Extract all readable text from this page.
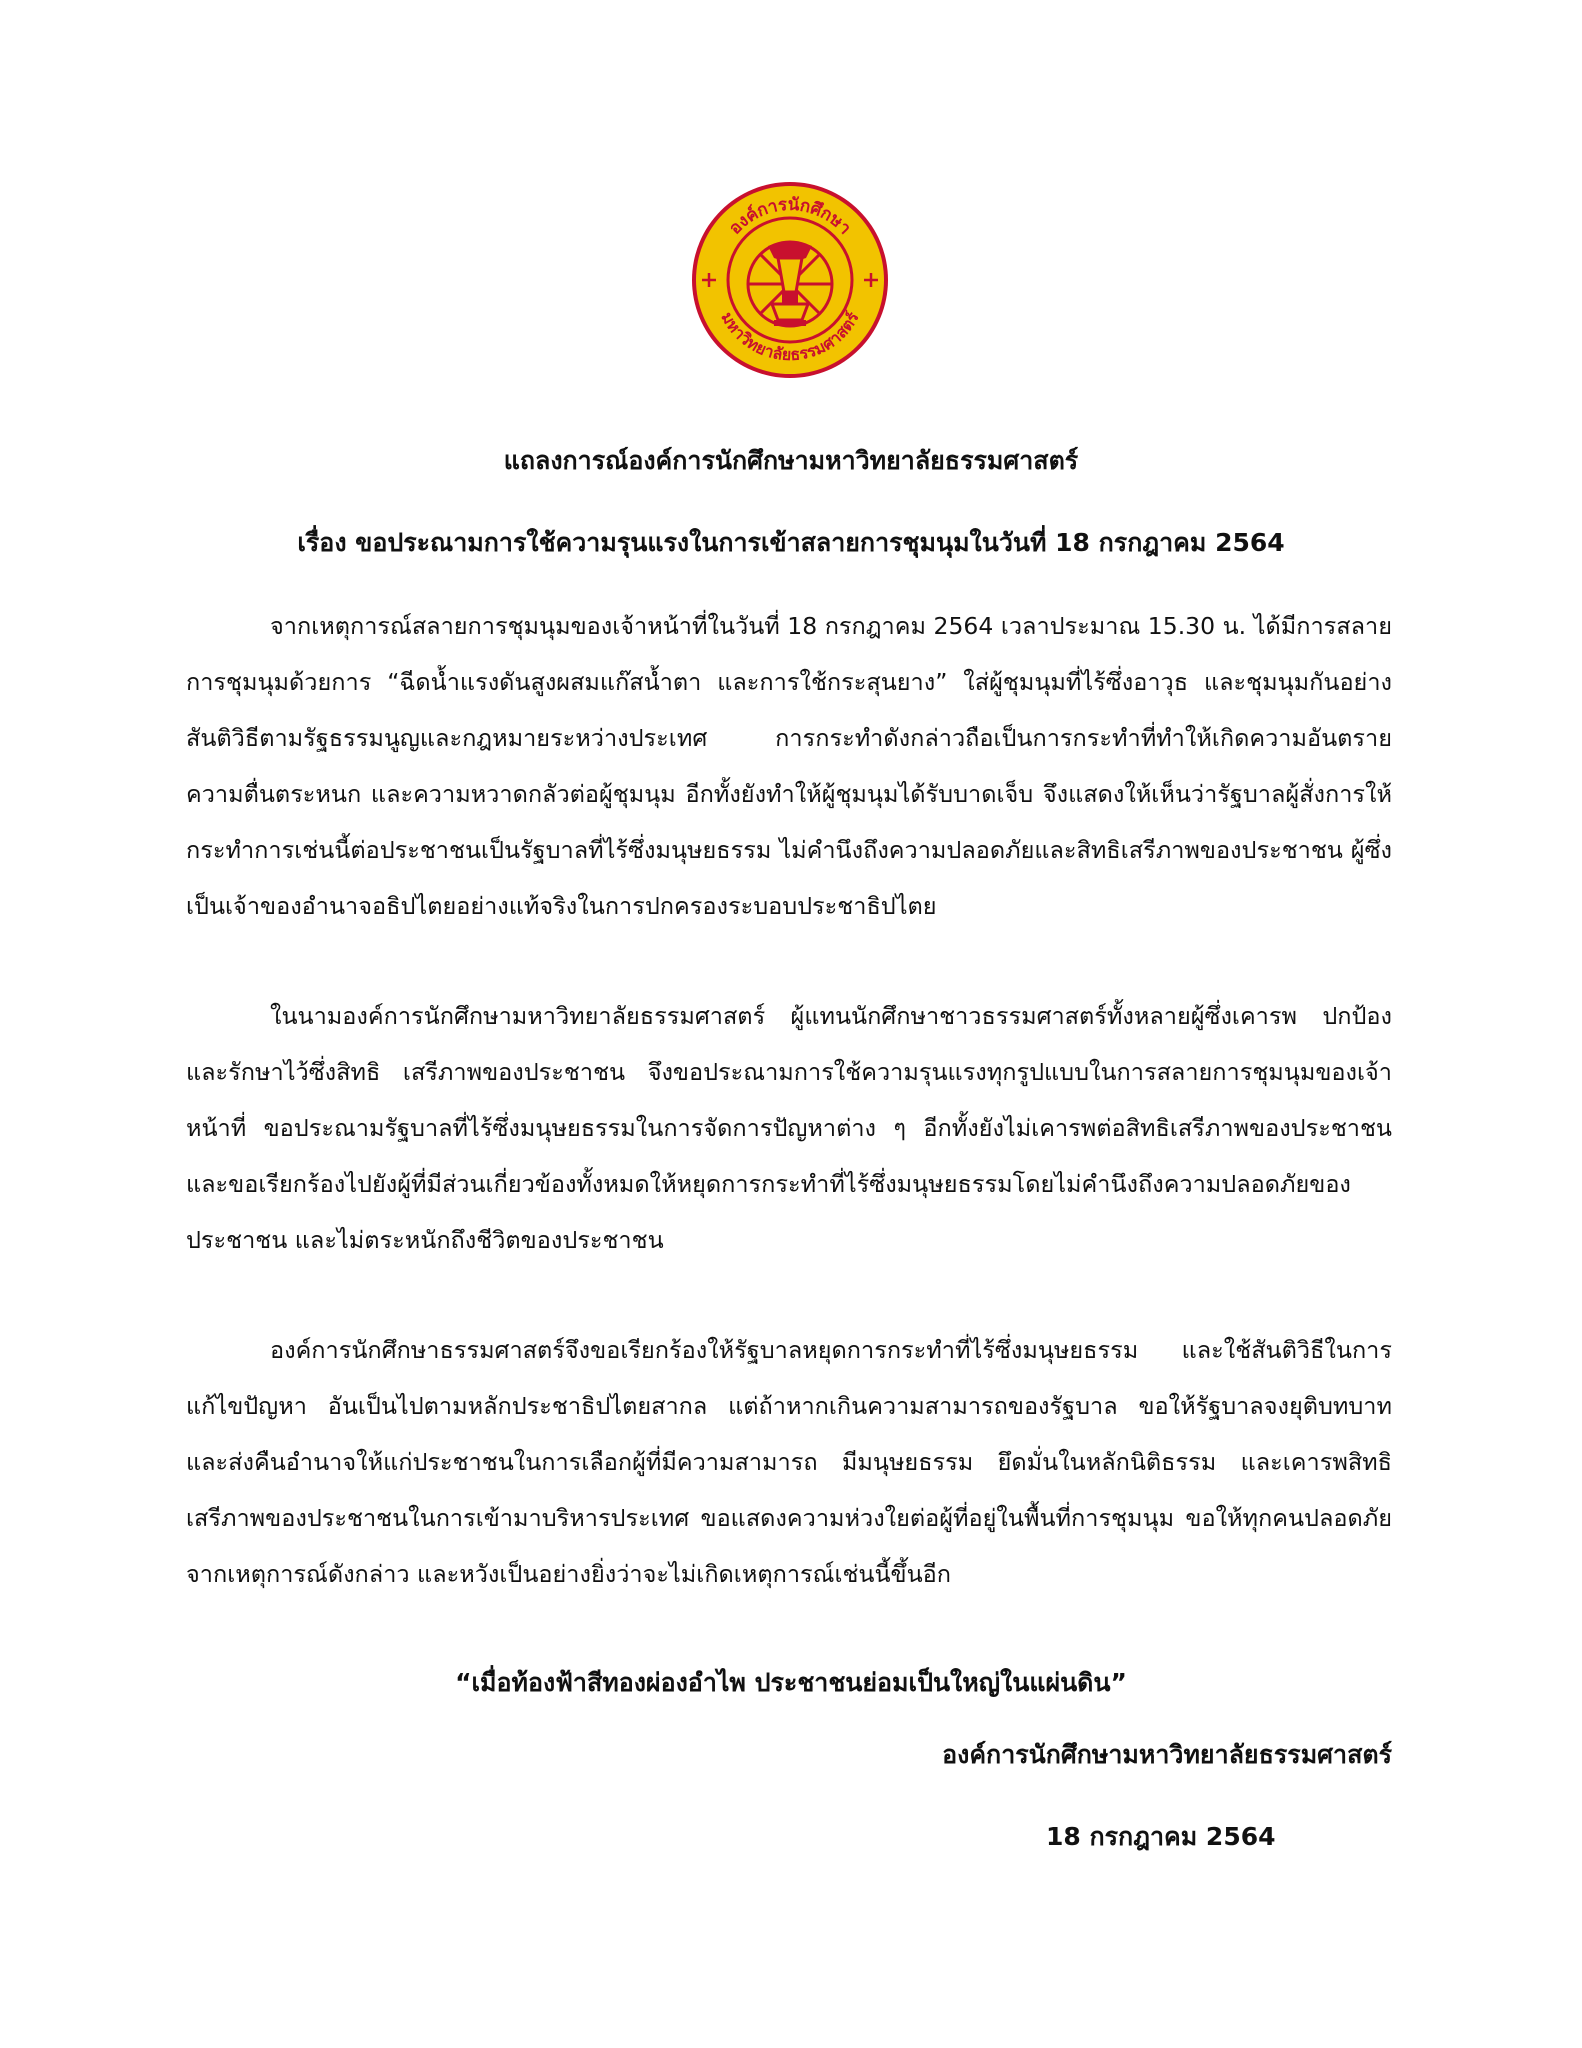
องค์การนักศึกษา
มหาวิทยาลัยธรรมศาสตร์
แถลงการณ์องค์การนักศึกษามหาวิทยาลัยธรรมศาสตร์
เรื่อง ขอประณามการใช้ความรุนแรงในการเข้าสลายการชุมนุมในวันที่ 18 กรกฎาคม 2564

จากเหตุการณ์สลายการชุมนุมของเจ้าหน้าที่ในวันที่ 18 กรกฎาคม 2564 เวลาประมาณ 15.30 น. ได้มีการสลายการชุมนุมด้วยการ “ฉีดน้ำแรงดันสูงผสมแก๊สน้ำตา และการใช้กระสุนยาง” ใส่ผู้ชุมนุมที่ไร้ซึ่งอาวุธ และชุมนุมกันอย่างสันติวิธีตามรัฐธรรมนูญและกฎหมายระหว่างประเทศ การกระทำดังกล่าวถือเป็นการกระทำที่ทำให้เกิดความอันตราย ความตื่นตระหนก และความหวาดกลัวต่อผู้ชุมนุม อีกทั้งยังทำให้ผู้ชุมนุมได้รับบาดเจ็บ จึงแสดงให้เห็นว่ารัฐบาลผู้สั่งการให้กระทำการเช่นนี้ต่อประชาชนเป็นรัฐบาลที่ไร้ซึ่งมนุษยธรรม ไม่คำนึงถึงความปลอดภัยและสิทธิเสรีภาพของประชาชน ผู้ซึ่งเป็นเจ้าของอำนาจอธิปไตยอย่างแท้จริงในการปกครองระบอบประชาธิปไตย

ในนามองค์การนักศึกษามหาวิทยาลัยธรรมศาสตร์ ผู้แทนนักศึกษาชาวธรรมศาสตร์ทั้งหลายผู้ซึ่งเคารพ ปกป้อง และรักษาไว้ซึ่งสิทธิ เสรีภาพของประชาชน จึงขอประณามการใช้ความรุนแรงทุกรูปแบบในการสลายการชุมนุมของเจ้าหน้าที่ ขอประณามรัฐบาลที่ไร้ซึ่งมนุษยธรรมในการจัดการปัญหาต่าง ๆ อีกทั้งยังไม่เคารพต่อสิทธิเสรีภาพของประชาชน และขอเรียกร้องไปยังผู้ที่มีส่วนเกี่ยวข้องทั้งหมดให้หยุดการกระทำที่ไร้ซึ่งมนุษยธรรมโดยไม่คำนึงถึงความปลอดภัยของประชาชน และไม่ตระหนักถึงชีวิตของประชาชน

องค์การนักศึกษาธรรมศาสตร์จึงขอเรียกร้องให้รัฐบาลหยุดการกระทำที่ไร้ซึ่งมนุษยธรรม และใช้สันติวิธีในการแก้ไขปัญหา อันเป็นไปตามหลักประชาธิปไตยสากล แต่ถ้าหากเกินความสามารถของรัฐบาล ขอให้รัฐบาลจงยุติบทบาทและส่งคืนอำนาจให้แก่ประชาชนในการเลือกผู้ที่มีความสามารถ มีมนุษยธรรม ยึดมั่นในหลักนิติธรรม และเคารพสิทธิเสรีภาพของประชาชนในการเข้ามาบริหารประเทศ ขอแสดงความห่วงใยต่อผู้ที่อยู่ในพื้นที่การชุมนุม ขอให้ทุกคนปลอดภัยจากเหตุการณ์ดังกล่าว และหวังเป็นอย่างยิ่งว่าจะไม่เกิดเหตุการณ์เช่นนี้ขึ้นอีก

“เมื่อท้องฟ้าสีทองผ่องอำไพ ประชาชนย่อมเป็นใหญ่ในแผ่นดิน”
องค์การนักศึกษามหาวิทยาลัยธรรมศาสตร์
18 กรกฎาคม 2564
